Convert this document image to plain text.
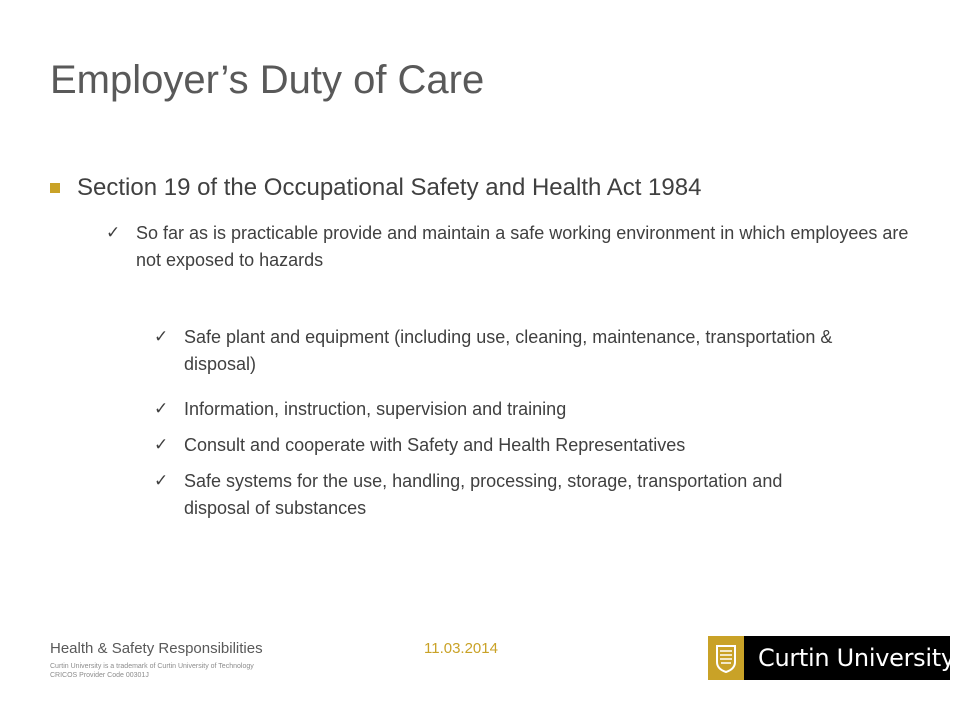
Employer’s Duty of Care
Section 19 of the Occupational Safety and Health Act 1984
✓ So far as is practicable provide and maintain a safe working environment in which employees are not exposed to hazards
✓ Safe plant and equipment (including use, cleaning, maintenance, transportation & disposal)
✓ Information, instruction, supervision and training
✓ Consult and cooperate with Safety and Health Representatives
✓ Safe systems for the use, handling, processing, storage, transportation and disposal of substances
Health & Safety Responsibilities	11.03.2014
Curtin University is a trademark of Curtin University of Technology
CRICOS Provider Code 00301J
Curtin University
